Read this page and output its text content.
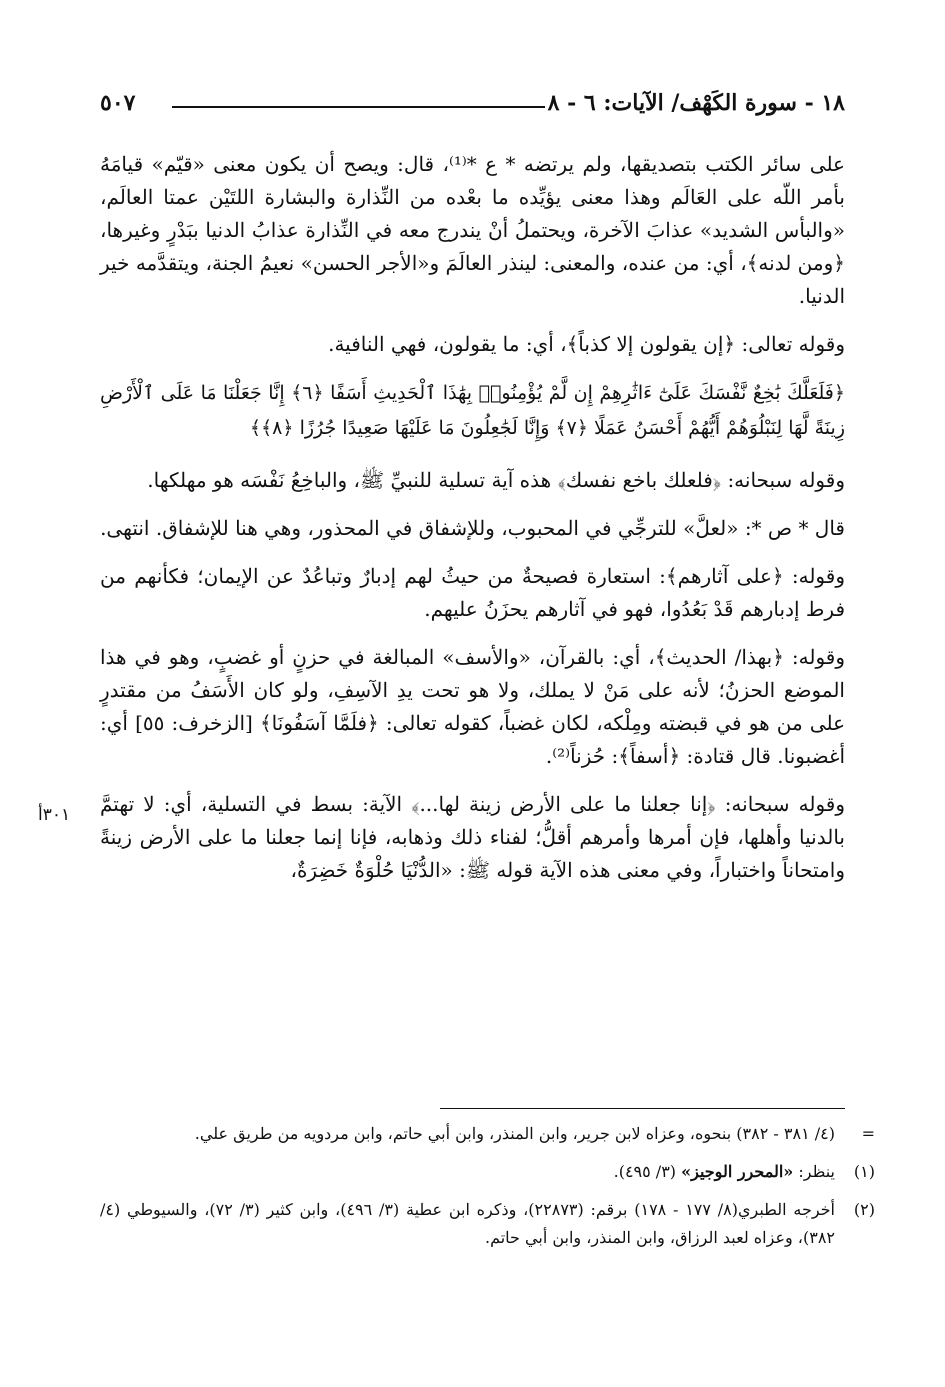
١٨ - سورة الكَهْف/ الآيات: ٦ - ٨
٥٠٧

على سائر الكتب بتصديقها، ولم يرتضه * ع *⁽¹⁾، قال: ويصح أن يكون معنى «قيّم» قيامَهُ بأمر اللّه على العَالَم وهذا معنى يؤيِّده ما بعْده من النِّذارة والبشارة اللتَيْن عمتا العالَم، «والبأس الشديد» عذابَ الآخرة، ويحتملُ أنْ يندرج معه في النِّذارة عذابُ الدنيا ببَدْرٍ وغيرها، ﴿ومن لدنه﴾، أي: من عنده، والمعنى: لينذر العالَمَ و«الأجر الحسن» نعيمُ الجنة، ويتقدَّمه خير الدنيا.

وقوله تعالى: ﴿إن يقولون إلا كذباً﴾، أي: ما يقولون، فهي النافية.

﴿فَلَعَلَّكَ بَٰخِعٌ نَّفْسَكَ عَلَىٰٓ ءَاثَٰرِهِمْ إِن لَّمْ يُؤْمِنُوا۟ بِهَٰذَا ٱلْحَدِيثِ أَسَفًا ﴿٦﴾ إِنَّا جَعَلْنَا مَا عَلَى ٱلْأَرْضِ زِينَةً لَّهَا لِنَبْلُوَهُمْ أَيُّهُمْ أَحْسَنُ عَمَلًا ﴿٧﴾ وَإِنَّا لَجَٰعِلُونَ مَا عَلَيْهَا صَعِيدًا جُرُزًا ﴿٨﴾﴾

وقوله سبحانه: ﴿فلعلك باخع نفسك﴾ هذه آية تسلية للنبيِّ ﷺ، والباخِعُ نَفْسَه هو مهلكها.

قال * ص *: «لعلَّ» للترجِّي في المحبوب، وللإشفاق في المحذور، وهي هنا للإشفاق. انتهى.

وقوله: ﴿على آثارهم﴾: استعارة فصيحةٌ من حيثُ لهم إدبارٌ وتباعُدٌ عن الإيمان؛ فكأنهم من فرط إدبارهم قَدْ بَعُدُوا، فهو في آثارهم يحزَنُ عليهم.

وقوله: ﴿بهذا/ الحديث﴾، أي: بالقرآن، «والأسف» المبالغة في حزنٍ أو غضبٍ، وهو في هذا الموضع الحزنُ؛ لأنه على مَنْ لا يملك، ولا هو تحت يدِ الآسِفِ، ولو كان الأَسَفُ من مقتدرٍ على من هو في قبضته ومِلْكه، لكان غضباً، كقوله تعالى: ﴿فلَمَّا آسَفُونَا﴾ [الزخرف: ٥٥] أي: أغضبونا. قال قتادة: ﴿أسفاً﴾: حُزناً⁽²⁾.

وقوله سبحانه: ﴿إنا جعلنا ما على الأرض زينة لها...﴾ الآية: بسط في التسلية، أي: لا تهتمَّ بالدنيا وأهلها، فإن أمرها وأمرهم أقلُّ؛ لفناء ذلك وذهابه، فإنا إنما جعلنا ما على الأرض زينةً وامتحاناً واختباراً، وفي معنى هذه الآية قوله ﷺ: «الدُّنْيَا حُلْوَةٌ خَضِرَةٌ،

٣٠١أ
=
(٤/ ٣٨١ - ٣٨٢) بنحوه، وعزاه لابن جرير، وابن المنذر، وابن أبي حاتم، وابن مردويه من طريق علي.
(١)
ينظر: «المحرر الوجيز» (٣/ ٤٩٥).
(٢)
أخرجه الطبري(٨/ ١٧٧ - ١٧٨) برقم: (٢٢٨٧٣)، وذكره ابن عطية (٣/ ٤٩٦)، وابن كثير (٣/ ٧٢)، والسيوطي (٤/ ٣٨٢)، وعزاه لعبد الرزاق، وابن المنذر، وابن أبي حاتم.
